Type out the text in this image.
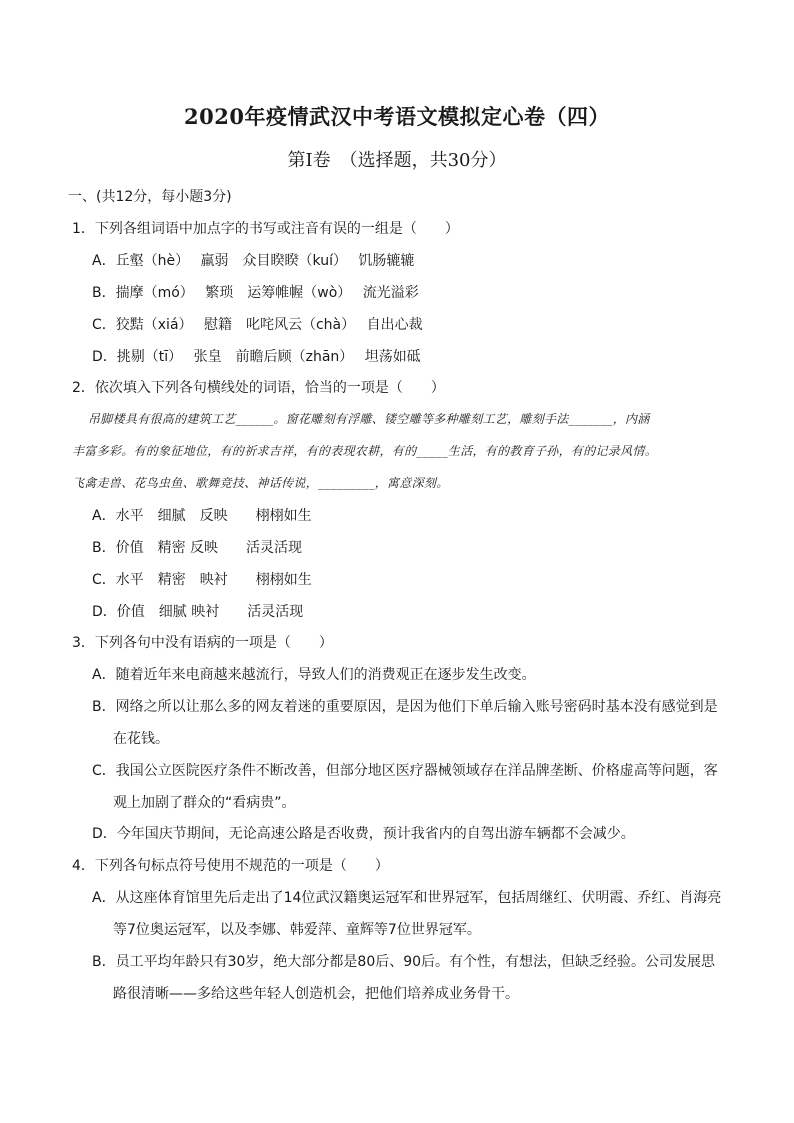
2020年疫情武汉中考语文模拟定心卷（四）
第Ⅰ卷　（选择题，共30分）
一、(共12分，每小题3分)
1．下列各组词语中加点字的书写或注音有误的一组是（　　）
A．丘壑（hè）　 羸弱　众目睽睽（kuí）　 饥肠辘辘
B．揣摩（mó）　 繁琐　运筹帷幄（wò）　 流光溢彩
C．狡黠（xiá）　 慰籍　叱咤风云（chà）　 自出心裁
D．挑剔（tī）　 张皇　前瞻后顾（zhān）　 坦荡如砥
2．依次填入下列各句横线处的词语，恰当的一项是（　　）
吊脚楼具有很高的建筑工艺______。窗花雕刻有浮雕、镂空雕等多种雕刻工艺，雕刻手法_______，内涵
丰富多彩。有的象征地位，有的祈求吉祥，有的表现农耕，有的_____生活，有的教育子孙，有的记录风情。
飞禽走兽、花鸟虫鱼、歌舞竞技、神话传说，_________，寓意深刻。
A．水平　细腻　反映　　栩栩如生
B．价值　精密 反映　　活灵活现
C．水平　精密　映衬　　栩栩如生
D．价值　细腻 映衬　　活灵活现
3．下列各句中没有语病的一项是（　　）
A．随着近年来电商越来越流行，导致人们的消费观正在逐步发生改变。
B．网络之所以让那么多的网友着迷的重要原因，是因为他们下单后输入账号密码时基本没有感觉到是
在花钱。
C．我国公立医院医疗条件不断改善，但部分地区医疗器械领域存在洋品牌垄断、价格虚高等问题，客
观上加剧了群众的“看病贵”。
D．今年国庆节期间，无论高速公路是否收费，预计我省内的自驾出游车辆都不会减少。
4．下列各句标点符号使用不规范的一项是（　　）
A．从这座体育馆里先后走出了14位武汉籍奥运冠军和世界冠军，包括周继红、伏明霞、乔红、肖海亮
等7位奥运冠军，以及李娜、韩爱萍、童辉等7位世界冠军。
B．员工平均年龄只有30岁，绝大部分都是80后、90后。有个性，有想法，但缺乏经验。公司发展思
路很清晰——多给这些年轻人创造机会，把他们培养成业务骨干。
